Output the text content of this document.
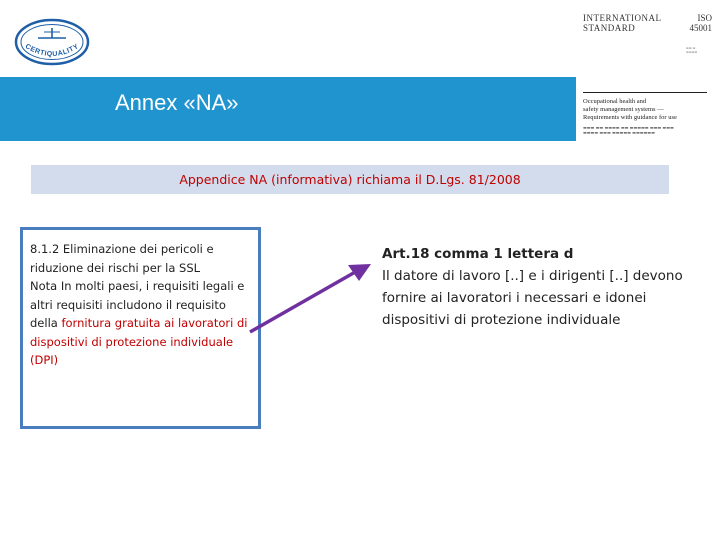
CERTIQUALITY
Annex «NA»
INTERNATIONAL
STANDARD
ISO
45001
▬▬ ▬
▬▬▬▬
Occupational health and
safety management systems —
Requirements with guidance for use
▬▬▬ ▬▬ ▬▬▬▬ ▬▬ ▬▬▬▬▬ ▬▬▬ ▬▬▬
▬▬▬▬ ▬▬▬ ▬▬▬▬▬ ▬▬▬▬▬▬
Appendice NA (informativa) richiama il D.Lgs. 81/2008

8.1.2 Eliminazione dei pericoli e riduzione dei rischi per la SSL

Nota In molti paesi, i requisiti legali e altri requisiti includono il requisito della fornitura gratuita ai lavoratori di dispositivi di protezione individuale (DPI)

Art.18 comma 1 lettera d
Il datore di lavoro [..] e i dirigenti [..] devono fornire ai lavoratori i necessari e idonei dispositivi di protezione individuale
